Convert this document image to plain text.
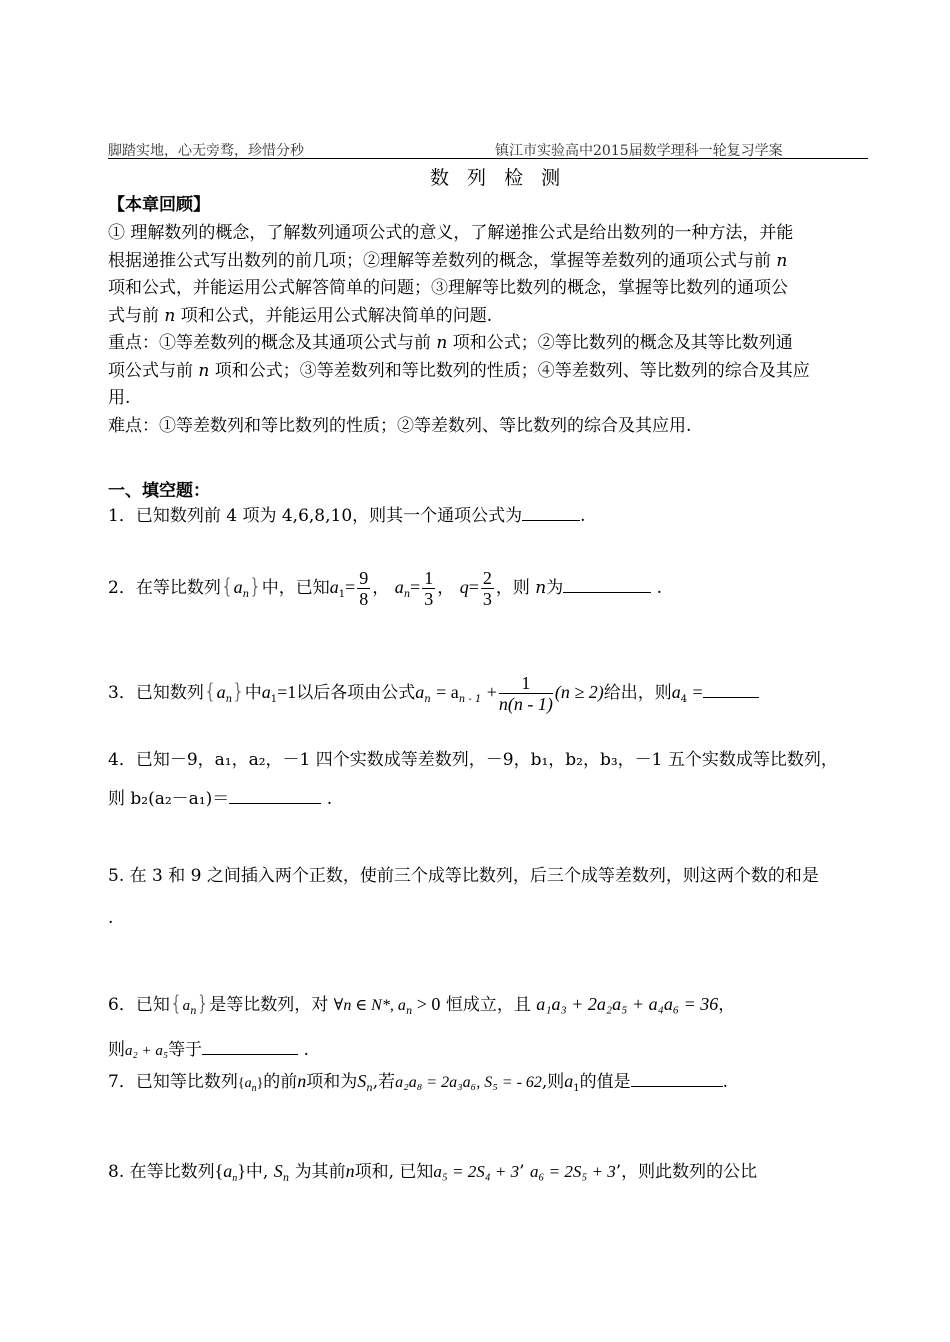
脚踏实地，心无旁骛，珍惜分秒	镇江市实验高中2015届数学理科一轮复习学案
数 列 检 测
【本章回顾】
① 理解数列的概念，了解数列通项公式的意义，了解递推公式是给出数列的一种方法，并能
根据递推公式写出数列的前几项；②理解等差数列的概念，掌握等差数列的通项公式与前 n
项和公式，并能运用公式解答简单的问题；③理解等比数列的概念，掌握等比数列的通项公
式与前 n 项和公式，并能运用公式解决简单的问题.
重点：①等差数列的概念及其通项公式与前 n 项和公式；②等比数列的概念及其等比数列通
项公式与前 n 项和公式；③等差数列和等比数列的性质；④等差数列、等比数列的综合及其应
用.
难点：①等差数列和等比数列的性质；②等差数列、等比数列的综合及其应用.
一、填空题：
1．已知数列前 4 项为 4,6,8,10，则其一个通项公式为	.
2．在等比数列$\{a_n\}$中，已知$a_1= \frac{9}{8}$ ， $a_n= \frac{1}{3}$ ， $q= \frac{2}{3}$ ，则 n为	.
3．已知数列$\{a_n\}$中$a_1=1$以后各项由公式$a_n = a_{n - 1} + \frac{1}{n(n - 1)} (n \ge 2)$给出，则$a_4$ =
4．已知－9，a₁，a₂，－1 四个实数成等差数列，－9，b₁，b₂，b₃，－1 五个实数成等比数列，
则 b₂(a₂－a₁)＝	.
5. 在 3 和 9 之间插入两个正数，使前三个成等比数列，后三个成等差数列，则这两个数的和是
.
6．已知$\{a_n\}$是等比数列，对 ∀n ∈ N*, $a_n > 0$ 恒成立，且 a₁a₃ + 2a₂a₅ + a₄a₆ = 36，
则a₂ + a₅等于	.
7．已知等比数列$\{a_n\}$的前n项和为$S_n$,若a₂a₈ = 2a₃a₆, S₅ = - 62,则$a_1$的值是	.
8. 在等比数列$\{a_n\}$中, $S_n$ 为其前n项和, 已知a₅ = 2S₄ + 3’ a₆ = 2S₅ + 3’，则此数列的公比
